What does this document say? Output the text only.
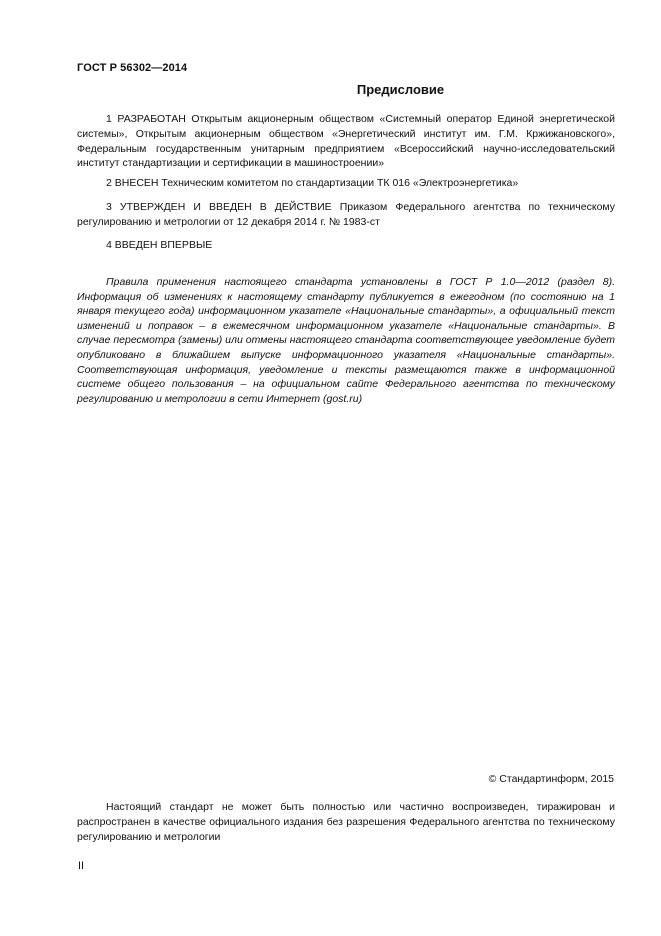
ГОСТ Р 56302—2014
Предисловие

1 РАЗРАБОТАН Открытым акционерным обществом «Системный оператор Единой энергетической системы», Открытым акционерным обществом «Энергетический институт им. Г.М. Кржижановского», Федеральным государственным унитарным предприятием «Всероссийский научно-исследовательский институт стандартизации и сертификации в машиностроении»

2 ВНЕСЕН Техническим комитетом по стандартизации ТК 016 «Электроэнергетика»

3 УТВЕРЖДЕН И ВВЕДЕН В ДЕЙСТВИЕ Приказом Федерального агентства по техническому регулированию и метрологии от 12 декабря 2014 г. № 1983-ст

4 ВВЕДЕН ВПЕРВЫЕ

Правила применения настоящего стандарта установлены в ГОСТ Р 1.0—2012 (раздел 8). Информация об изменениях к настоящему стандарту публикуется в ежегодном (по состоянию на 1 января текущего года) информационном указателе «Национальные стандарты», а официальный текст изменений и поправок – в ежемесячном информационном указателе «Национальные стандарты». В случае пересмотра (замены) или отмены настоящего стандарта соответствующее уведомление будет опубликовано в ближайшем выпуске информационного указателя «Национальные стандарты». Соответствующая информация, уведомление и тексты размещаются также в информационной системе общего пользования – на официальном сайте Федерального агентства по техническому регулированию и метрологии в сети Интернет (gost.ru)

© Стандартинформ, 2015

Настоящий стандарт не может быть полностью или частично воспроизведен, тиражирован и распространен в качестве официального издания без разрешения Федерального агентства по техническому регулированию и метрологии

II
